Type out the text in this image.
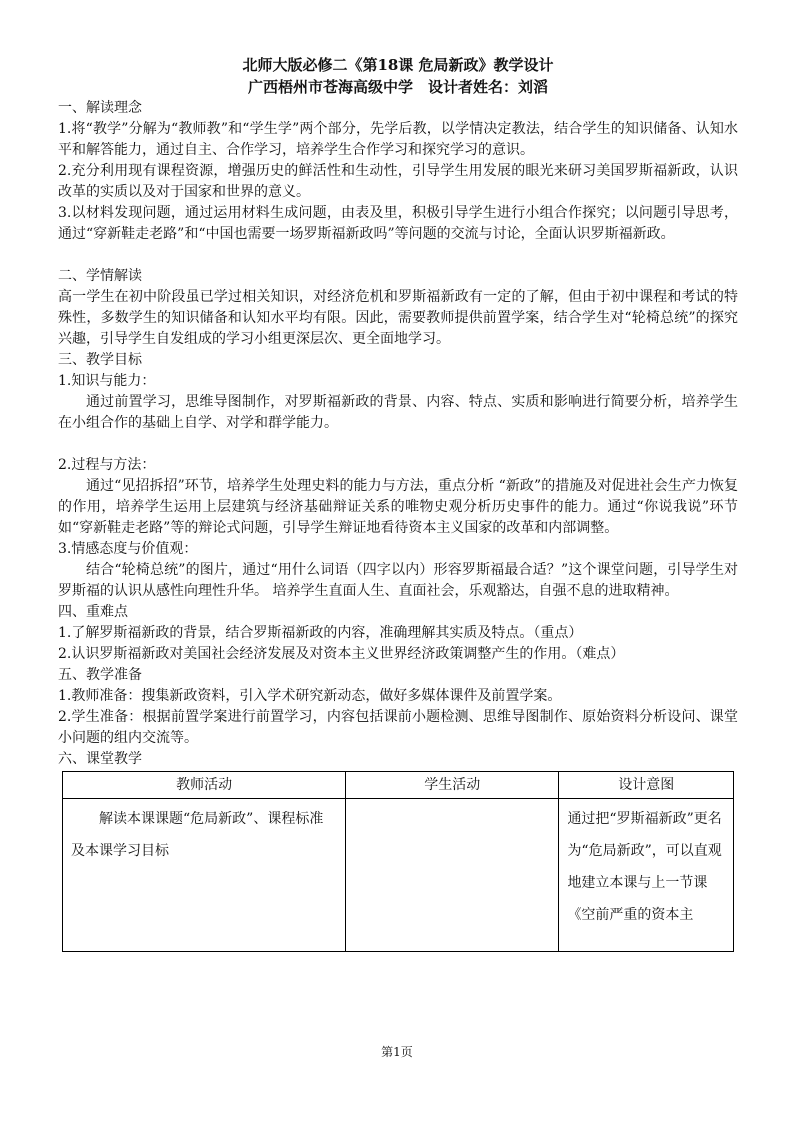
北师大版必修二《第18课 危局新政》教学设计

广西梧州市苍海高级中学　设计者姓名：刘滔

一、解读理念

1.将“教学”分解为“教师教”和“学生学”两个部分，先学后教，以学情决定教法，结合学生的知识储备、认知水平和解答能力，通过自主、合作学习，培养学生合作学习和探究学习的意识。

2.充分利用现有课程资源，增强历史的鲜活性和生动性，引导学生用发展的眼光来研习美国罗斯福新政，认识改革的实质以及对于国家和世界的意义。

3.以材料发现问题，通过运用材料生成问题，由表及里，积极引导学生进行小组合作探究；以问题引导思考，通过“穿新鞋走老路”和“中国也需要一场罗斯福新政吗”等问题的交流与讨论，全面认识罗斯福新政。

二、学情解读

高一学生在初中阶段虽已学过相关知识，对经济危机和罗斯福新政有一定的了解，但由于初中课程和考试的特殊性，多数学生的知识储备和认知水平均有限。因此，需要教师提供前置学案，结合学生对“轮椅总统”的探究兴趣，引导学生自发组成的学习小组更深层次、更全面地学习。

三、教学目标

1.知识与能力：

通过前置学习，思维导图制作，对罗斯福新政的背景、内容、特点、实质和影响进行简要分析，培养学生在小组合作的基础上自学、对学和群学能力。

2.过程与方法：

通过“见招拆招”环节，培养学生处理史料的能力与方法，重点分析 “新政”的措施及对促进社会生产力恢复的作用，培养学生运用上层建筑与经济基础辩证关系的唯物史观分析历史事件的能力。通过“你说我说”环节如“穿新鞋走老路”等的辩论式问题，引导学生辩证地看待资本主义国家的改革和内部调整。

3.情感态度与价值观：

结合“轮椅总统”的图片，通过“用什么词语（四字以内）形容罗斯福最合适？”这个课堂问题，引导学生对罗斯福的认识从感性向理性升华。 培养学生直面人生、直面社会，乐观豁达，自强不息的进取精神。

四、重难点

1.了解罗斯福新政的背景，结合罗斯福新政的内容，准确理解其实质及特点。（重点）

2.认识罗斯福新政对美国社会经济发展及对资本主义世界经济政策调整产生的作用。（难点）

五、教学准备

1.教师准备：搜集新政资料，引入学术研究新动态，做好多媒体课件及前置学案。

2.学生准备：根据前置学案进行前置学习，内容包括课前小题检测、思维导图制作、原始资料分析设问、课堂小问题的组内交流等。

六、课堂教学

教师活动	学生活动	设计意图

解读本课课题“危局新政”、课程标准及本课学习目标		通过把“罗斯福新政”更名为“危局新政”，可以直观地建立本课与上一节课《空前严重的资本主
第1页
